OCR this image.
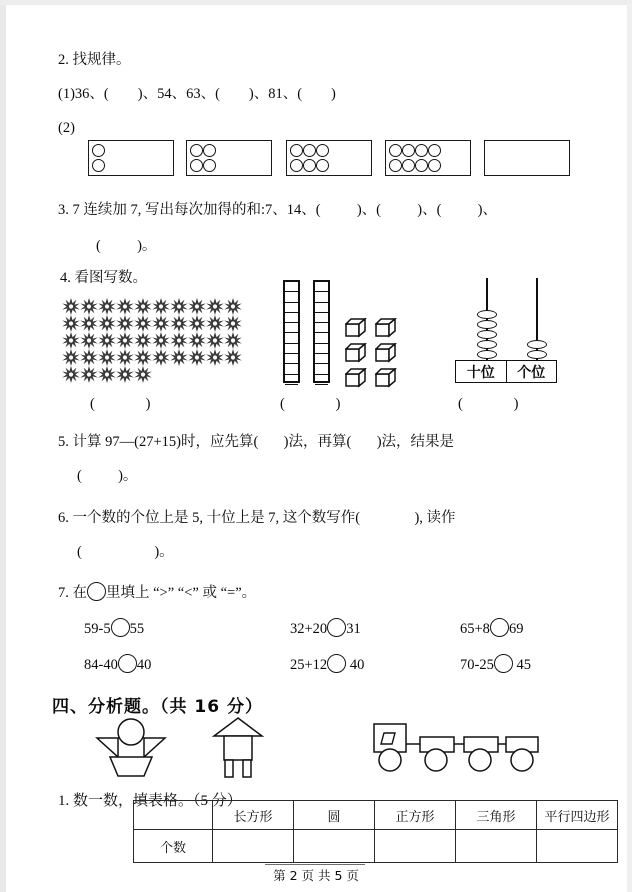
2. 找规律。
(1)36、(        )、54、63、(        )、81、(        )
(2)
3. 7 连续加 7, 写出每次加得的和:7、14、(          )、(          )、(          )、
(          )。
4. 看图写数。
十位	个位
(              )	(              )	(              )
5. 计算 97—(27+15)时，应先算(       )法，再算(       )法，结果是
(          )。
6. 一个数的个位上是 5, 十位上是 7, 这个数写作(               ), 读作
(                    )。
7. 在 里填上 “>” “<” 或 “=”。
59-5 55	32+20 31	65+8 69
84-40 40	25+12 40	70-25 45
四、分析题。（共 16 分）
1. 数一数，填表格。（5 分）
	长方形	圆	正方形	三角形	平行四边形
个数					
第 2 页 共 5 页
